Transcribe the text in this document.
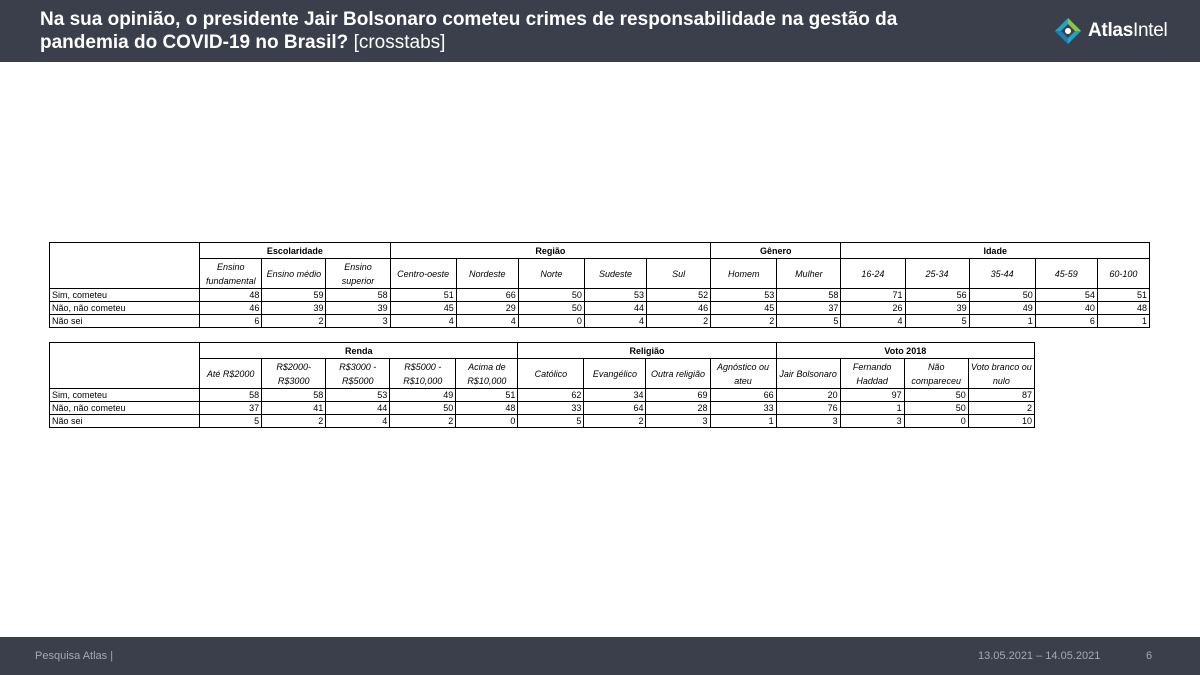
Na sua opinião, o presidente Jair Bolsonaro cometeu crimes de responsabilidade na gestão da pandemia do COVID-19 no Brasil? [crosstabs]
AtlasIntel
	Escolaridade			Região					Gênero		Idade				
	Ensino fundamental	Ensino médio	Ensino superior	Centro-oeste	Nordeste	Norte	Sudeste	Sul	Homem	Mulher	16-24	25-34	35-44	45-59	60-100
Sim, cometeu	48	59	58	51	66	50	53	52	53	58	71	56	50	54	51
Não, não cometeu	46	39	39	45	29	50	44	46	45	37	26	39	49	40	48
Não sei	6	2	3	4	4	0	4	2	2	5	4	5	1	6	1
	Renda					Religião				Voto 2018			
	Até R$2000	R$2000- R$3000	R$3000 - R$5000	R$5000 - R$10,000	Acima de R$10,000	Católico	Evangélico	Outra religião	Agnóstico ou ateu	Jair Bolsonaro	Fernando Haddad	Não compareceu	Voto branco ou nulo
Sim, cometeu	58	58	53	49	51	62	34	69	66	20	97	50	87
Não, não cometeu	37	41	44	50	48	33	64	28	33	76	1	50	2
Não sei	5	2	4	2	0	5	2	3	1	3	3	0	10
Pesquisa Atlas |	13.05.2021 – 14.05.2021	6
